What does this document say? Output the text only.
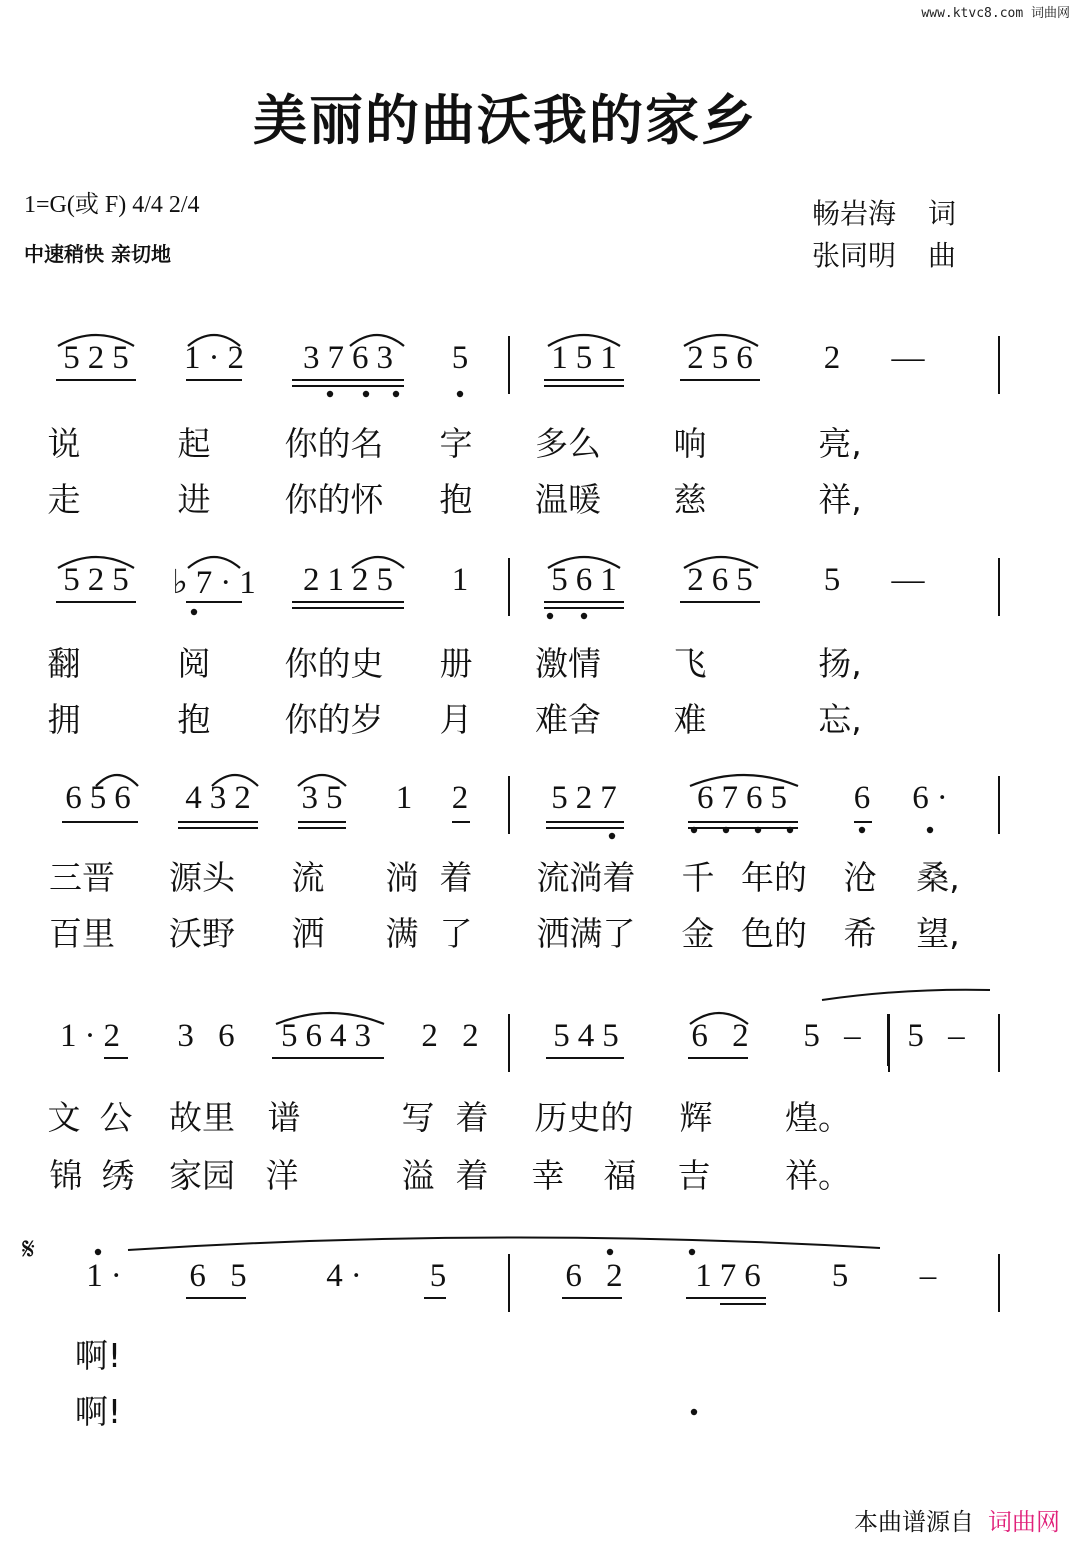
www.ktvc8.com 词曲网
美丽的曲沃我的家乡
1=G(或 F) 4/4 2/4
中速稍快 亲切地
畅岩海 词
张同明 曲
𝄋
525 1·2 3763 5 151 256 2 —
说	起 你的名 字 多么 响	亮,
走	进 你的怀 抱 温暖 慈	祥,
525 ♭7·1 2125 1 561 265 5 —
翻	阅 你的史 册 激情 飞	扬,
拥	抱 你的岁 月 难舍 难	忘,
656 432 35 1 2 527 6765 6 6·
三晋 源头 流 淌 着 流淌着 千 年的 沧 桑,
百里 沃野 洒 满 了 洒满了 金 色的 希 望,
1·2 3 6 5643 2 2 545 6 2 5 – 5 –
文 公 故里 谱	写 着 历史的 辉 煌。
锦 绣 家园 洋	溢 着 幸 福 吉 祥。
1· 6 5 4· 5	6 2 176 5 –
啊!
啊!
本曲谱源自 词曲网
